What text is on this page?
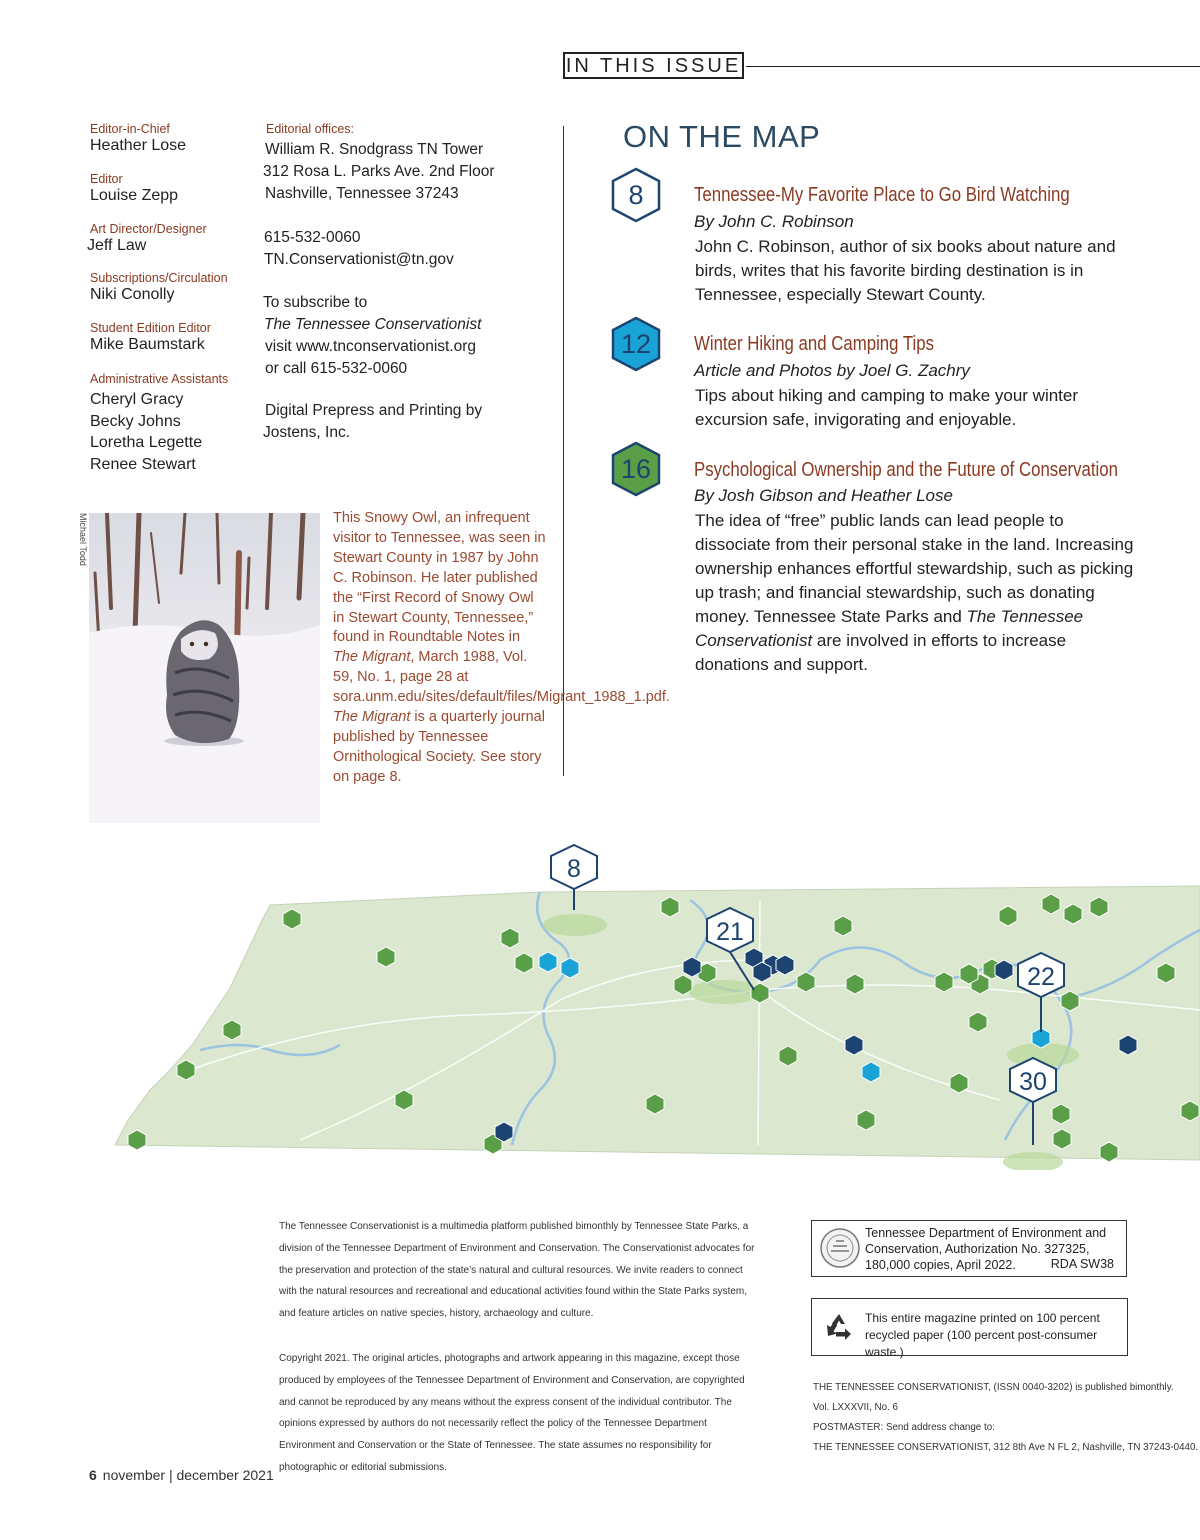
IN THIS ISSUE
Editor-in-Chief
Heather Lose
Editor
Louise Zepp
Art Director/Designer
Jeff Law
Subscriptions/Circulation
Niki Conolly
Student Edition Editor
Mike Baumstark
Administrative Assistants
Cheryl Gracy
Becky Johns
Loretha Legette
Renee Stewart
Editorial offices:
William R. Snodgrass TN Tower
312 Rosa L. Parks Ave. 2nd Floor
Nashville, Tennessee 37243
615-532-0060
TN.Conservationist@tn.gov
To subscribe to
The Tennessee Conservationist
visit www.tnconservationist.org
or call 615-532-0060
Digital Prepress and Printing by
Jostens, Inc.
Michael Todd	This Snowy Owl, an infrequent visitor to Tennessee, was seen in Stewart County in 1987 by John C. Robinson. He later published the “First Record of Snowy Owl in Stewart County, Tennessee,” found in Roundtable Notes in The Migrant, March 1988, Vol. 59, No. 1, page 28 at sora.unm.edu/sites/default/files/Migrant_1988_1.pdf. The Migrant is a quarterly journal published by Tennessee Ornithological Society. See story on page 8.
ON THE MAP
8	Tennessee-My Favorite Place to Go Bird Watching
By John C. Robinson
John C. Robinson, author of six books about nature and birds, writes that his favorite birding destination is in Tennessee, especially Stewart County.
12	Winter Hiking and Camping Tips
Article and Photos by Joel G. Zachry
Tips about hiking and camping to make your winter excursion safe, invigorating and enjoyable.
16	Psychological Ownership and the Future of Conservation
By Josh Gibson and Heather Lose
The idea of “free” public lands can lead people to dissociate from their personal stake in the land. Increasing ownership enhances effortful stewardship, such as picking up trash; and financial stewardship, such as donating money. Tennessee State Parks and The Tennessee Conservationist are involved in efforts to increase donations and support.
8
21
22
30
The Tennessee Conservationist is a multimedia platform published bimonthly by Tennessee State Parks, a division of the Tennessee Department of Environment and Conservation. The Conservationist advocates for the preservation and protection of the state’s natural and cultural resources. We invite readers to connect with the natural resources and recreational and educational activities found within the State Parks system, and feature articles on native species, history, archaeology and culture.
Copyright 2021. The original articles, photographs and artwork appearing in this magazine, except those produced by employees of the Tennessee Department of Environment and Conservation, are copyrighted and cannot be reproduced by any means without the express consent of the individual contributor. The opinions expressed by authors do not necessarily reflect the policy of the Tennessee Department Environment and Conservation or the State of Tennessee. The state assumes no responsibility for photographic or editorial submissions.
Tennessee Department of Environment and Conservation, Authorization No. 327325, 180,000 copies, April 2022.	RDA SW38
This entire magazine printed on 100 percent recycled paper (100 percent post-consumer waste.)
THE TENNESSEE CONSERVATIONIST, (ISSN 0040-3202) is published bimonthly.
Vol. LXXXVII, No. 6
POSTMASTER: Send address change to:
THE TENNESSEE CONSERVATIONIST, 312 8th Ave N FL 2, Nashville, TN 37243-0440.
6 november | december 2021
